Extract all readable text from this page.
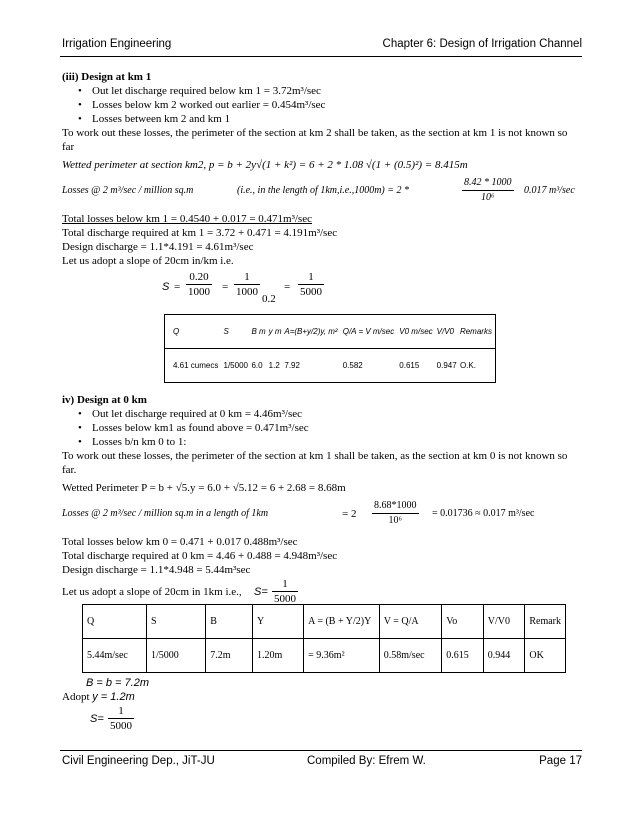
Irrigation Engineering	Chapter 6: Design of Irrigation Channel
(iii) Design at km 1
• Out let discharge required below km 1 = 3.72m³/sec
• Losses below km 2 worked out earlier = 0.454m³/sec
• Losses between km 2 and km 1
To work out these losses, the perimeter of the section at km 2 shall be taken, as the section at km 1 is not known so far
Wetted perimeter at section km2, p = b + 2y√(1 + k²) = 6 + 2 * 1.08 √(1 + (0.5)²) = 8.415m
Losses @ 2 m³/sec / million sq.m	(i.e., in the length of 1km,i.e.,1000m) = 2 *	$\frac{8.42 * 1000}{\text{10⁶}} 0.017$ m³/sec
Total losses below km 1 = 0.4540 + 0.017 = 0.471m³/sec
Total discharge required at km 1 = 3.72 + 0.471 = 4.191m³/sec
Design discharge = 1.1*4.191 = 4.61m³/sec
Let us adopt a slope of 20cm in/km i.e.
$S = \frac{0.20}{1000} = \frac{1}{1000} 0.2$
= $\frac{1}{5000}$
Q	S	B m	y m	A=(B+y/2)y, m²	Q/A = V m/sec	V0 m/sec	V/V0	Remarks
4.61 cumecs	1/5000	6.0	1.2	7.92	0.582	0.615	0.947	O.K.
iv) Design at 0 km
• Out let discharge required at 0 km = 4.46m³/sec
• Losses below km1 as found above = 0.471m³/sec
• Losses b/n km 0 to 1:
To work out these losses, the perimeter of the section at km 1 shall be taken, as the section at km 0 is not known so far.
Wetted Perimeter P = b + √5.y = 6.0 + √5.12 = 6 + 2.68 = 8.68m
Losses @ 2 m³/sec / million sq.m in a length of 1km	= $2 \frac{8.68*1000}{\text{10⁶}} = 0.01736 \approx 0.017$ m³/sec
Total losses below km 0 = 0.471 + 0.017 0.488m³/sec
Total discharge required at 0 km = 4.46 + 0.488 = 4.948m³/sec
Design discharge = 1.1*4.948 = 5.44m³sec
Let us adopt a slope of 20cm in 1km i.e., $S= \frac{1}{5000}$
Q	S	B	Y	A = (B + Y/2)Y	V = Q/A	Vo	V/V0	Remark
5.44m/sec	1/5000	7.2m	1.20m	= 9.36m²	0.58m/sec	0.615	0.944	OK
B = b = 7.2m
Adopt y = 1.2m
$S= \frac{1}{5000}$
Civil Engineering Dep., JiT-JU	Compiled By: Efrem W.	Page 17
